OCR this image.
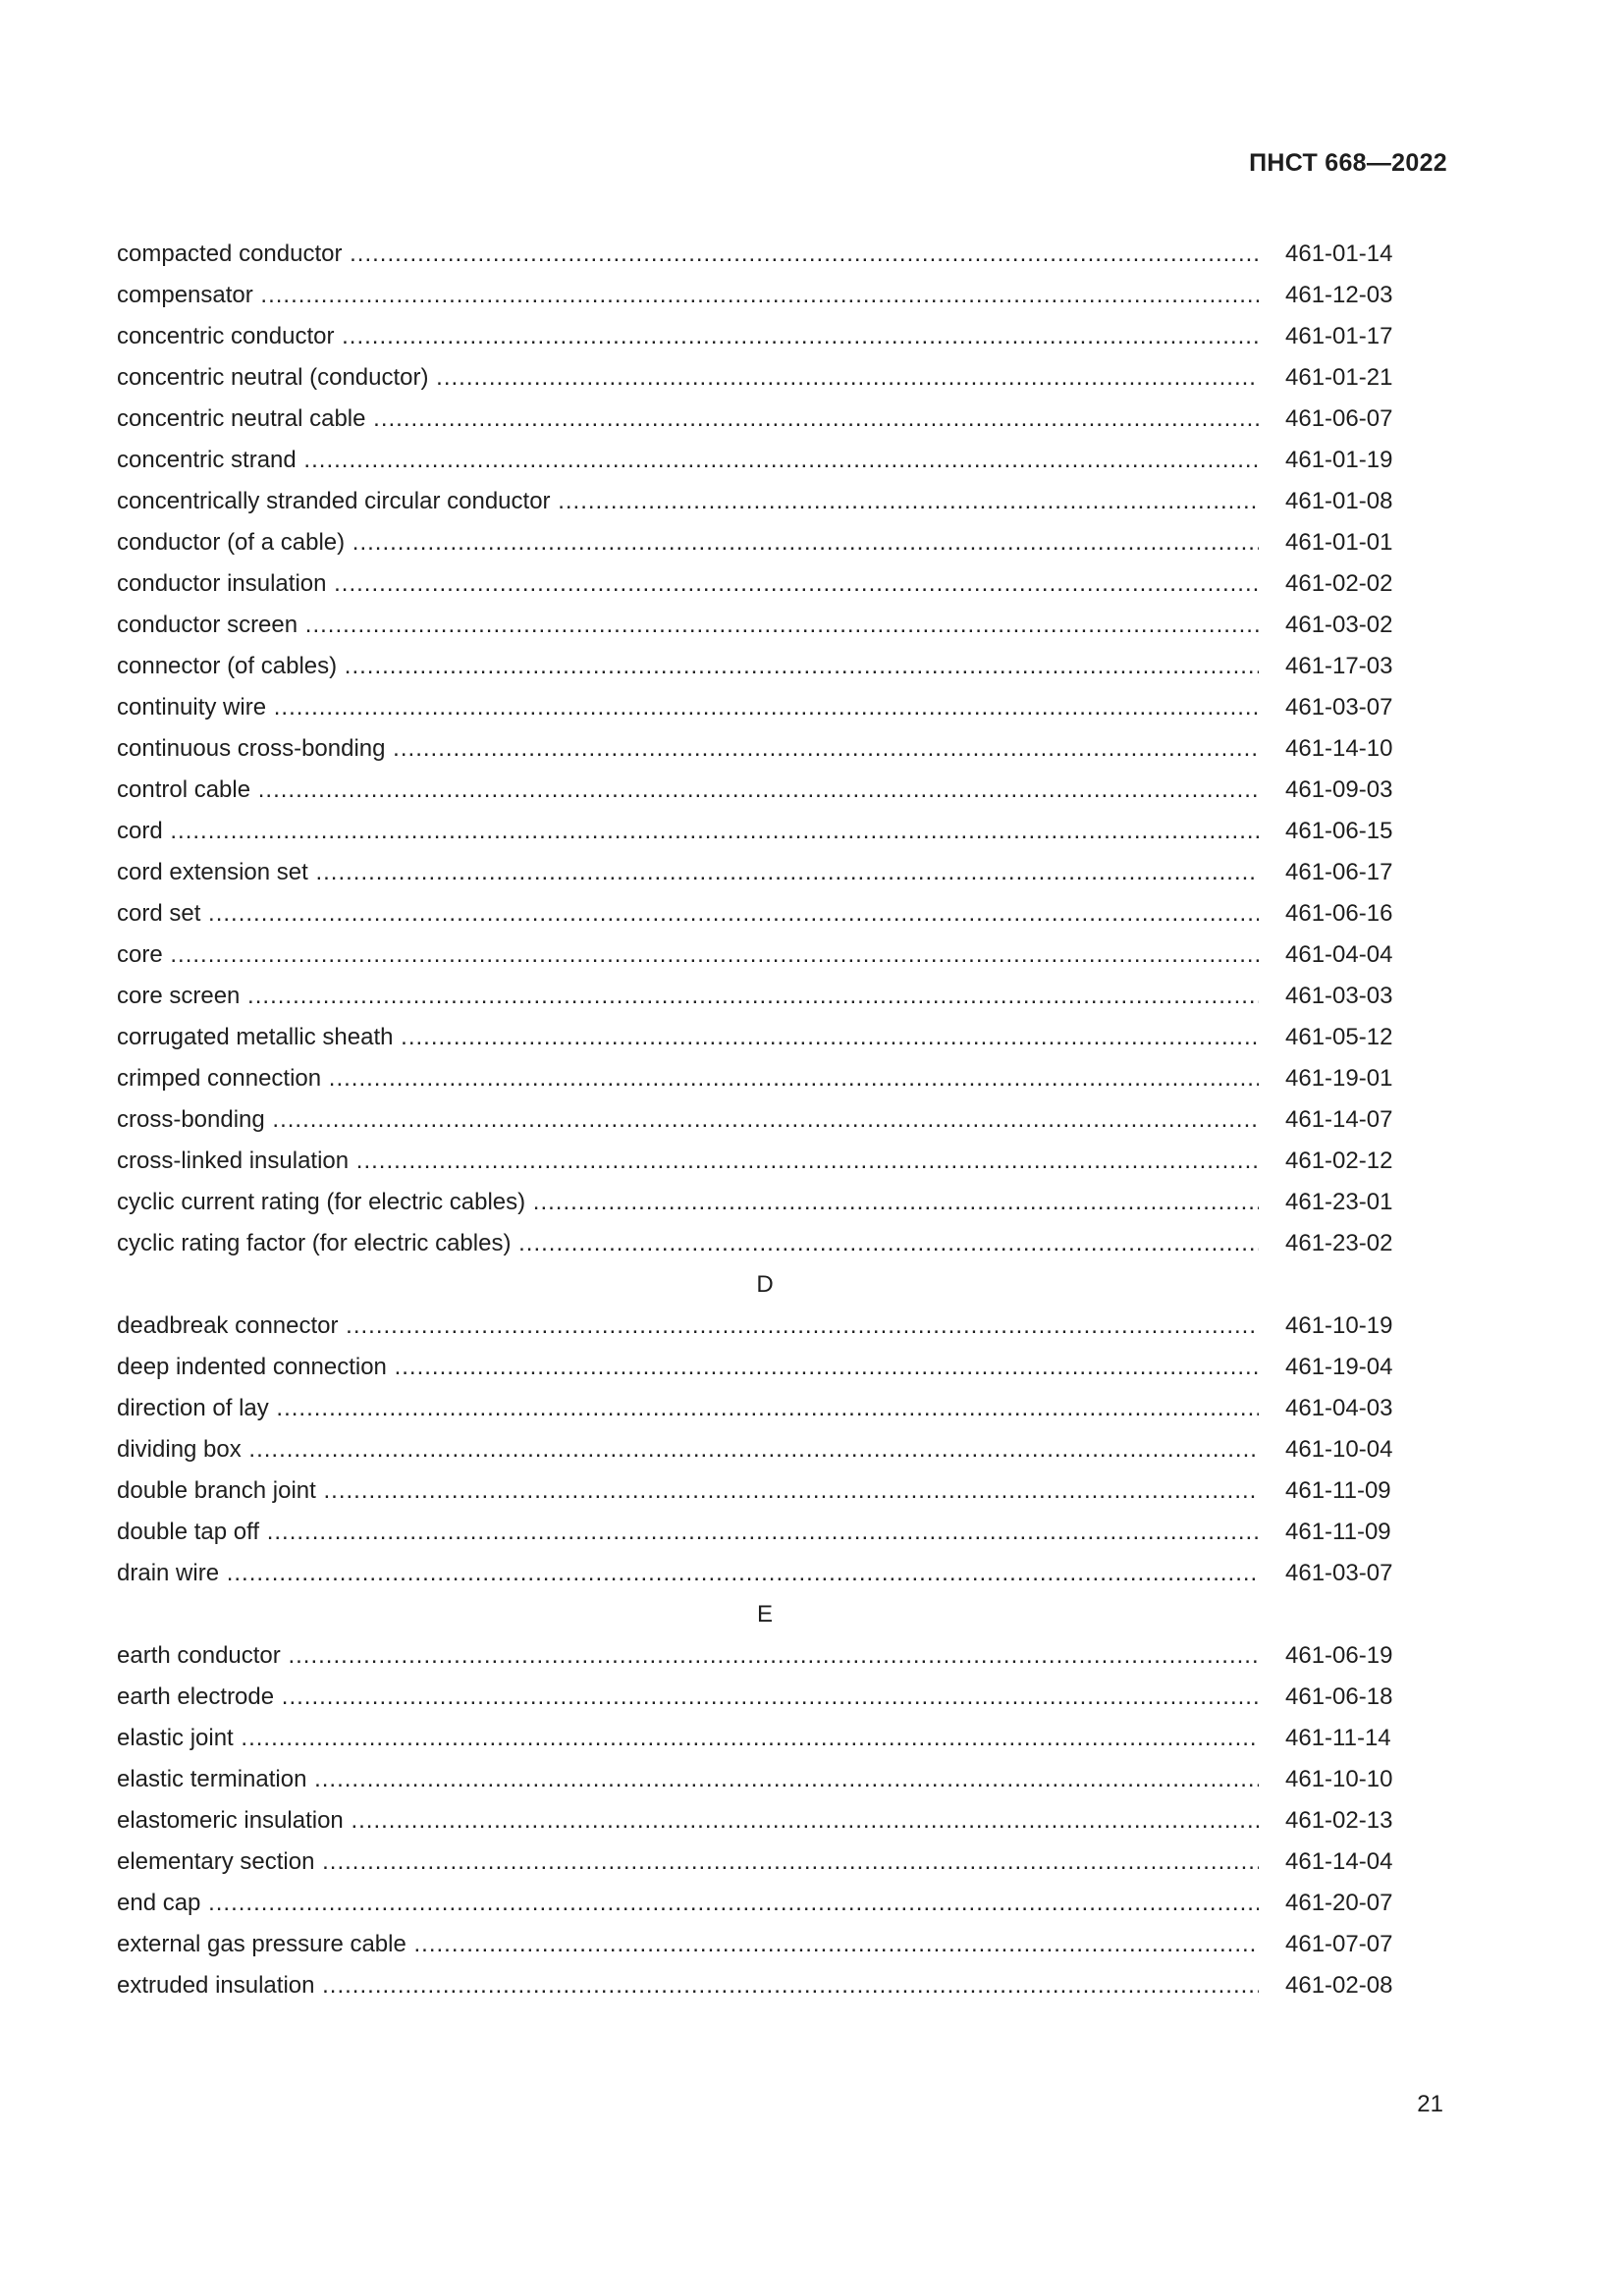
ПНСТ 668—2022
compacted conductor .....	461-01-14
compensator .....	461-12-03
concentric conductor .....	461-01-17
concentric neutral (conductor) .....	461-01-21
concentric neutral cable .....	461-06-07
concentric strand .....	461-01-19
concentrically stranded circular conductor .....	461-01-08
conductor (of a cable) .....	461-01-01
conductor insulation .....	461-02-02
conductor screen .....	461-03-02
connector (of cables) .....	461-17-03
continuity wire .....	461-03-07
continuous cross-bonding .....	461-14-10
control cable .....	461-09-03
cord .....	461-06-15
cord extension set .....	461-06-17
cord set .....	461-06-16
core .....	461-04-04
core screen .....	461-03-03
corrugated metallic sheath .....	461-05-12
crimped connection .....	461-19-01
cross-bonding .....	461-14-07
cross-linked insulation .....	461-02-12
cyclic current rating (for electric cables) .....	461-23-01
cyclic rating factor (for electric cables) .....	461-23-02
D
deadbreak connector .....	461-10-19
deep indented connection .....	461-19-04
direction of lay .....	461-04-03
dividing box .....	461-10-04
double branch joint .....	461-11-09
double tap off .....	461-11-09
drain wire .....	461-03-07
E
earth conductor .....	461-06-19
earth electrode .....	461-06-18
elastic joint .....	461-11-14
elastic termination .....	461-10-10
elastomeric insulation .....	461-02-13
elementary section .....	461-14-04
end cap .....	461-20-07
external gas pressure cable .....	461-07-07
extruded insulation .....	461-02-08
21
